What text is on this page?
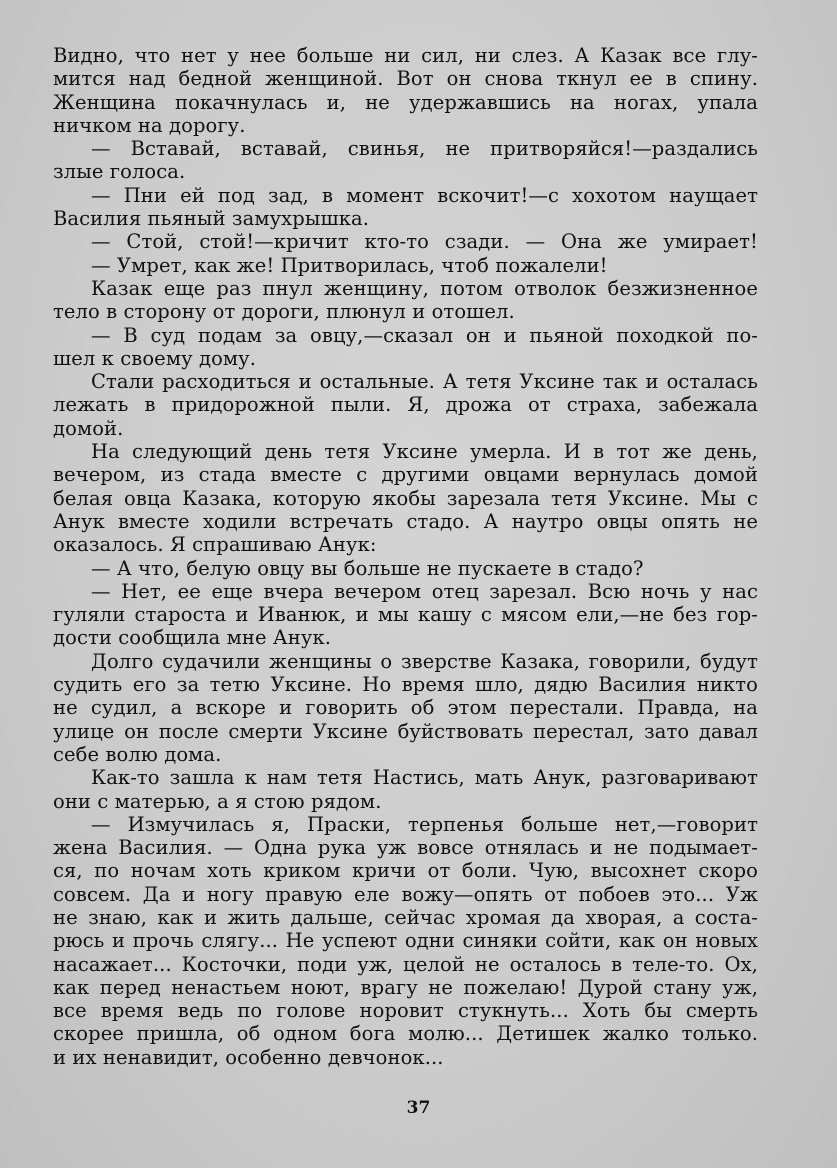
Видно, что нет у нее больше ни сил, ни слез. А Казак все глу-
мится над бедной женщиной. Вот он снова ткнул ее в спину.
Женщина покачнулась и, не удержавшись на ногах, упала
ничком на дорогу.
— Вставай, вставай, свинья, не притворяйся!—раздались
злые голоса.
— Пни ей под зад, в момент вскочит!—с хохотом наущает
Василия пьяный замухрышка.
— Стой, стой!—кричит кто-то сзади. — Она же умирает!
— Умрет, как же! Притворилась, чтоб пожалели!
Казак еще раз пнул женщину, потом отволок безжизненное
тело в сторону от дороги, плюнул и отошел.
— В суд подам за овцу,—сказал он и пьяной походкой по-
шел к своему дому.
Стали расходиться и остальные. А тетя Уксине так и осталась
лежать в придорожной пыли. Я, дрожа от страха, забежала
домой.
На следующий день тетя Уксине умерла. И в тот же день,
вечером, из стада вместе с другими овцами вернулась домой
белая овца Казака, которую якобы зарезала тетя Уксине. Мы с
Анук вместе ходили встречать стадо. А наутро овцы опять не
оказалось. Я спрашиваю Анук:
— А что, белую овцу вы больше не пускаете в стадо?
— Нет, ее еще вчера вечером отец зарезал. Всю ночь у нас
гуляли староста и Иванюк, и мы кашу с мясом ели,—не без гор-
дости сообщила мне Анук.
Долго судачили женщины о зверстве Казака, говорили, будут
судить его за тетю Уксине. Но время шло, дядю Василия никто
не судил, а вскоре и говорить об этом перестали. Правда, на
улице он после смерти Уксине буйствовать перестал, зато давал
себе волю дома.
Как-то зашла к нам тетя Настись, мать Анук, разговаривают
они с матерью, а я стою рядом.
— Измучилась я, Праски, терпенья больше нет,—говорит
жена Василия. — Одна рука уж вовсе отнялась и не подымает-
ся, по ночам хоть криком кричи от боли. Чую, высохнет скоро
совсем. Да и ногу правую еле вожу—опять от побоев это... Уж
не знаю, как и жить дальше, сейчас хромая да хворая, а соста-
рюсь и прочь слягу... Не успеют одни синяки сойти, как он новых
насажает... Косточки, поди уж, целой не осталось в теле-то. Ох,
как перед ненастьем ноют, врагу не пожелаю! Дурой стану уж,
все время ведь по голове норовит стукнуть... Хоть бы смерть
скорее пришла, об одном бога молю... Детишек жалко только.
и их ненавидит, особенно девчонок...
37
